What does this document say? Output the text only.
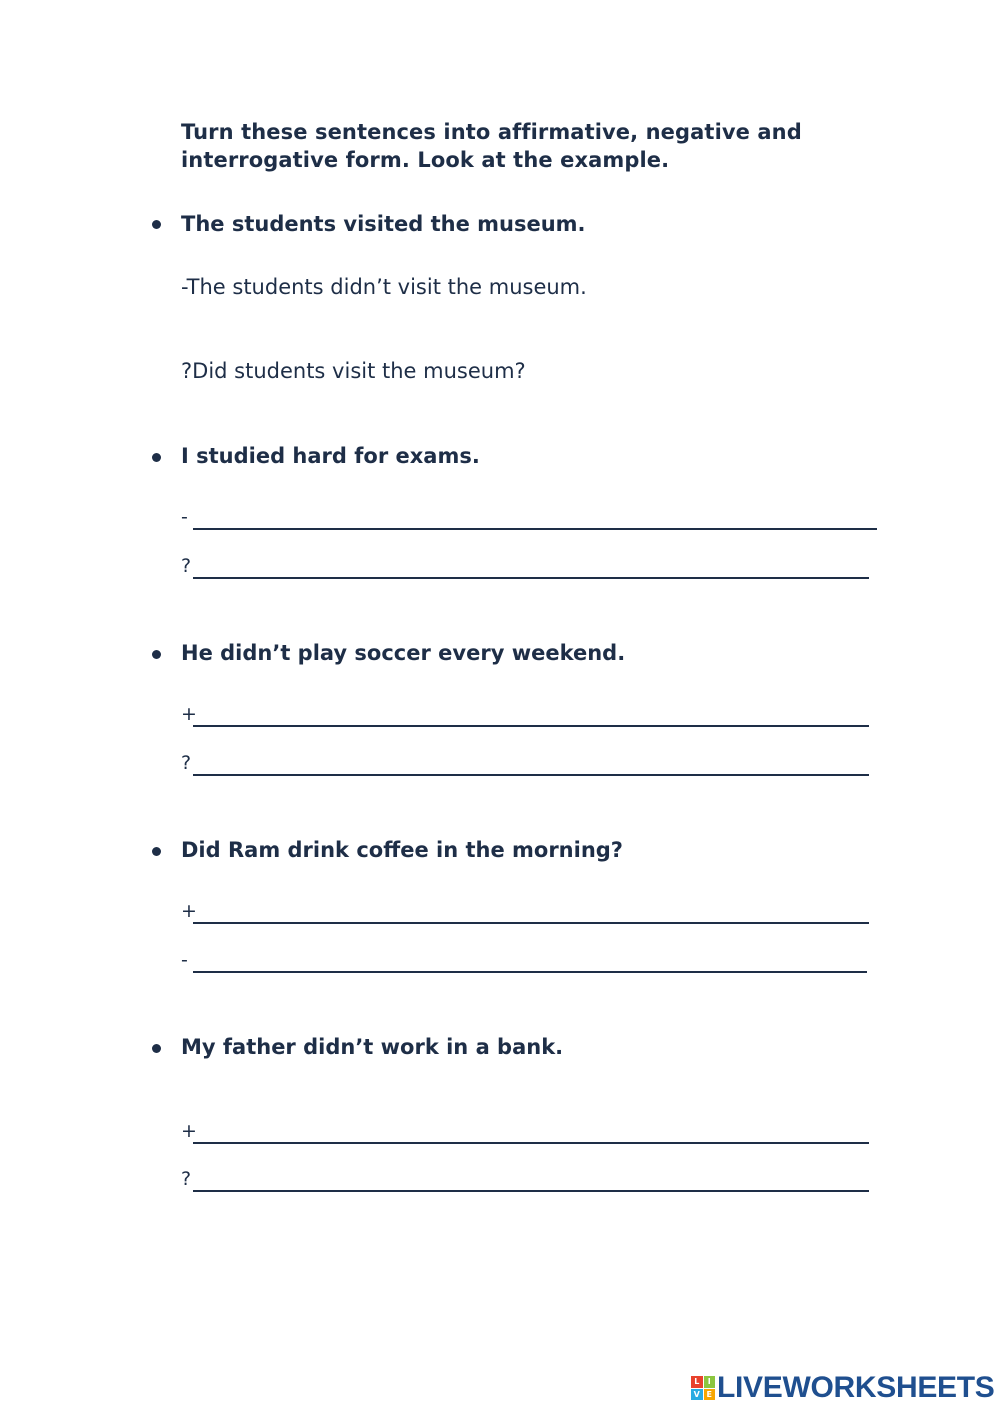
Turn these sentences into affirmative, negative and interrogative form. Look at the example.
The students visited the museum.
-The students didn’t visit the museum.
?Did students visit the museum?
I studied hard for exams.
-
?
He didn’t play soccer every weekend.
+
?
Did Ram drink coffee in the morning?
+
-
My father didn’t work in a bank.
+
?
L	I
V E LIVEWORKSHEETS
